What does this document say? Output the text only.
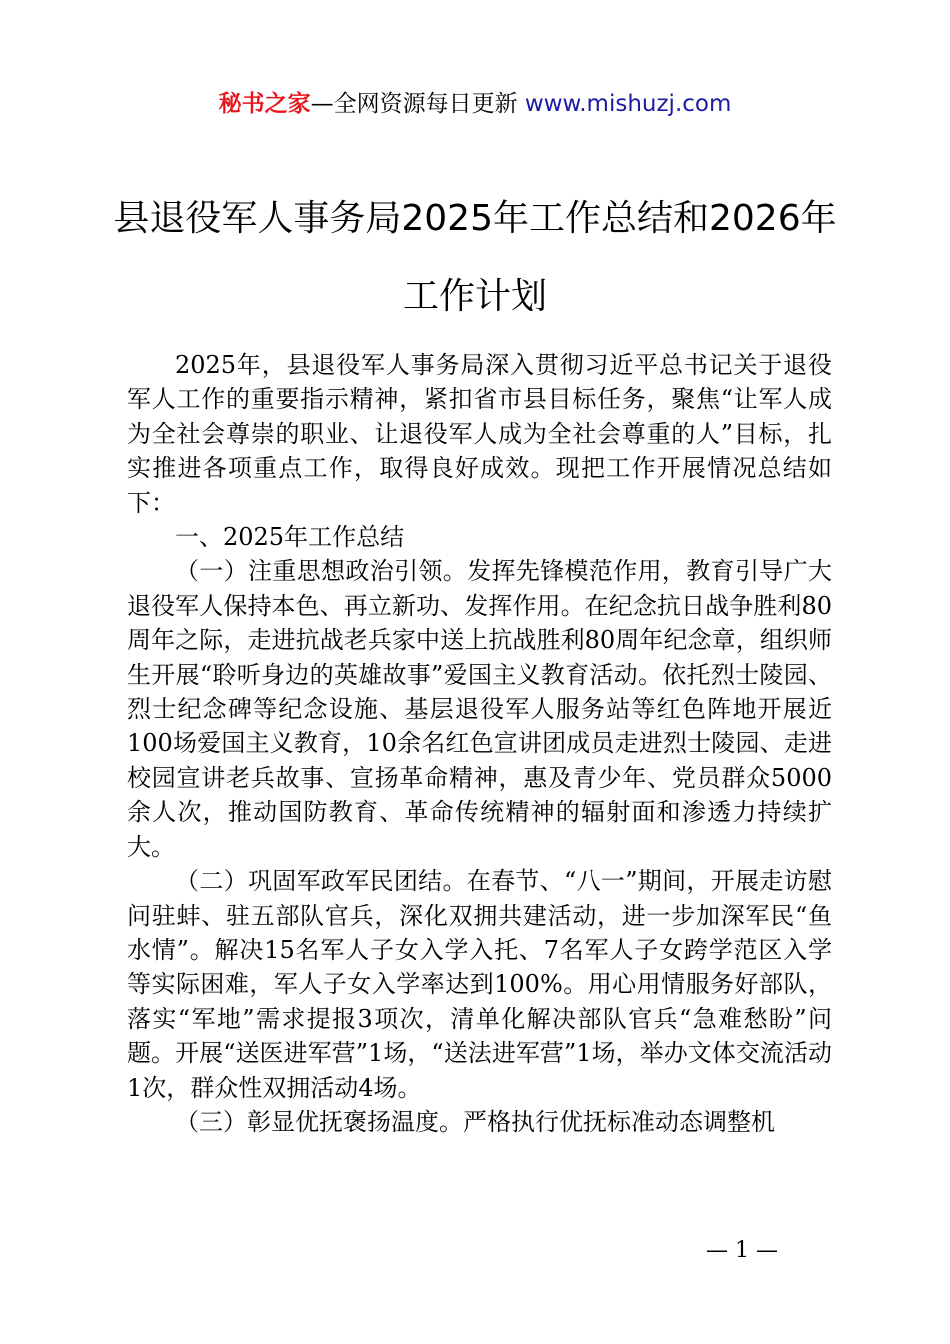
秘书之家—全网资源每日更新 www.mishuzj.com
县退役军人事务局2025年工作总结和2026年工作计划

2025年，县退役军人事务局深入贯彻习近平总书记关于退役军人工作的重要指示精神，紧扣省市县目标任务，聚焦“让军人成为全社会尊崇的职业、让退役军人成为全社会尊重的人”目标，扎实推进各项重点工作，取得良好成效。现把工作开展情况总结如下：

一、2025年工作总结

（一）注重思想政治引领。发挥先锋模范作用，教育引导广大退役军人保持本色、再立新功、发挥作用。在纪念抗日战争胜利80周年之际，走进抗战老兵家中送上抗战胜利80周年纪念章，组织师生开展“聆听身边的英雄故事”爱国主义教育活动。依托烈士陵园、烈士纪念碑等纪念设施、基层退役军人服务站等红色阵地开展近100场爱国主义教育，10余名红色宣讲团成员走进烈士陵园、走进校园宣讲老兵故事、宣扬革命精神，惠及青少年、党员群众5000余人次，推动国防教育、革命传统精神的辐射面和渗透力持续扩大。

（二）巩固军政军民团结。在春节、“八一”期间，开展走访慰问驻蚌、驻五部队官兵，深化双拥共建活动，进一步加深军民“鱼水情”。解决15名军人子女入学入托、7名军人子女跨学范区入学等实际困难，军人子女入学率达到100%。用心用情服务好部队，落实“军地”需求提报3项次，清单化解决部队官兵“急难愁盼”问题。开展“送医进军营”1场，“送法进军营”1场，举办文体交流活动1次，群众性双拥活动4场。

（三）彰显优抚褒扬温度。严格执行优抚标准动态调整机

— 1 —
